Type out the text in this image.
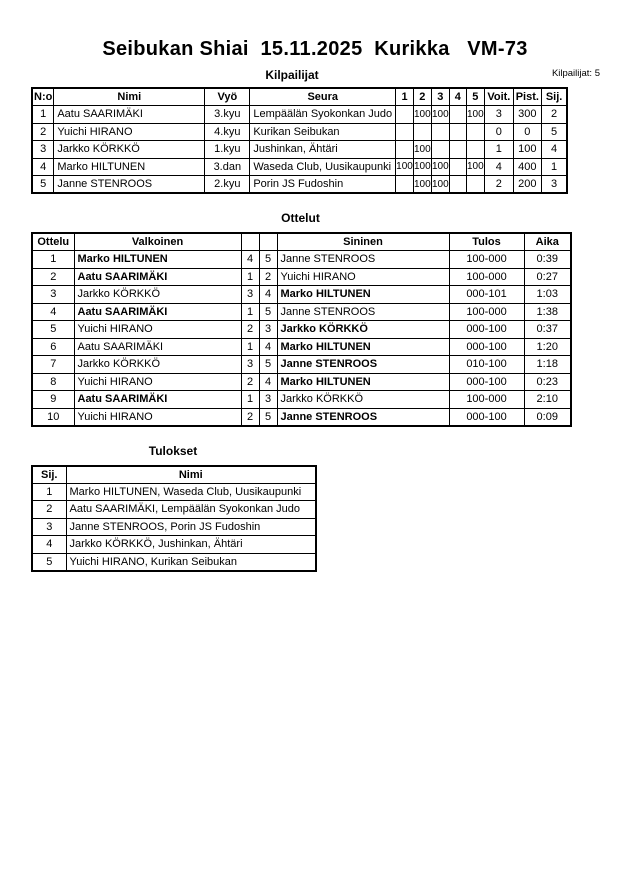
Kilpailijat: 5
Seibukan Shiai  15.11.2025  Kurikka   VM-73
Kilpailijat
N:o	Nimi	Vyö	Seura	1	2	3	4	5	Voit.	Pist.	Sij.
1	Aatu SAARIMÄKI	3.kyu	Lempäälän Syokonkan Judo		100	100		100	3	300	2
2	Yuichi HIRANO	4.kyu	Kurikan Seibukan						0	0	5
3	Jarkko KÖRKKÖ	1.kyu	Jushinkan, Ähtäri		100				1	100	4
4	Marko HILTUNEN	3.dan	Waseda Club, Uusikaupunki	100	100	100		100	4	400	1
5	Janne STENROOS	2.kyu	Porin JS Fudoshin		100	100			2	200	3
Ottelut
Ottelu	Valkoinen			Sininen	Tulos	Aika
1	Marko HILTUNEN	4	5	Janne STENROOS	100-000	0:39
2	Aatu SAARIMÄKI	1	2	Yuichi HIRANO	100-000	0:27
3	Jarkko KÖRKKÖ	3	4	Marko HILTUNEN	000-101	1:03
4	Aatu SAARIMÄKI	1	5	Janne STENROOS	100-000	1:38
5	Yuichi HIRANO	2	3	Jarkko KÖRKKÖ	000-100	0:37
6	Aatu SAARIMÄKI	1	4	Marko HILTUNEN	000-100	1:20
7	Jarkko KÖRKKÖ	3	5	Janne STENROOS	010-100	1:18
8	Yuichi HIRANO	2	4	Marko HILTUNEN	000-100	0:23
9	Aatu SAARIMÄKI	1	3	Jarkko KÖRKKÖ	100-000	2:10
10	Yuichi HIRANO	2	5	Janne STENROOS	000-100	0:09
Tulokset
Sij.	Nimi
1	Marko HILTUNEN, Waseda Club, Uusikaupunki
2	Aatu SAARIMÄKI, Lempäälän Syokonkan Judo
3	Janne STENROOS, Porin JS Fudoshin
4	Jarkko KÖRKKÖ, Jushinkan, Ähtäri
5	Yuichi HIRANO, Kurikan Seibukan
